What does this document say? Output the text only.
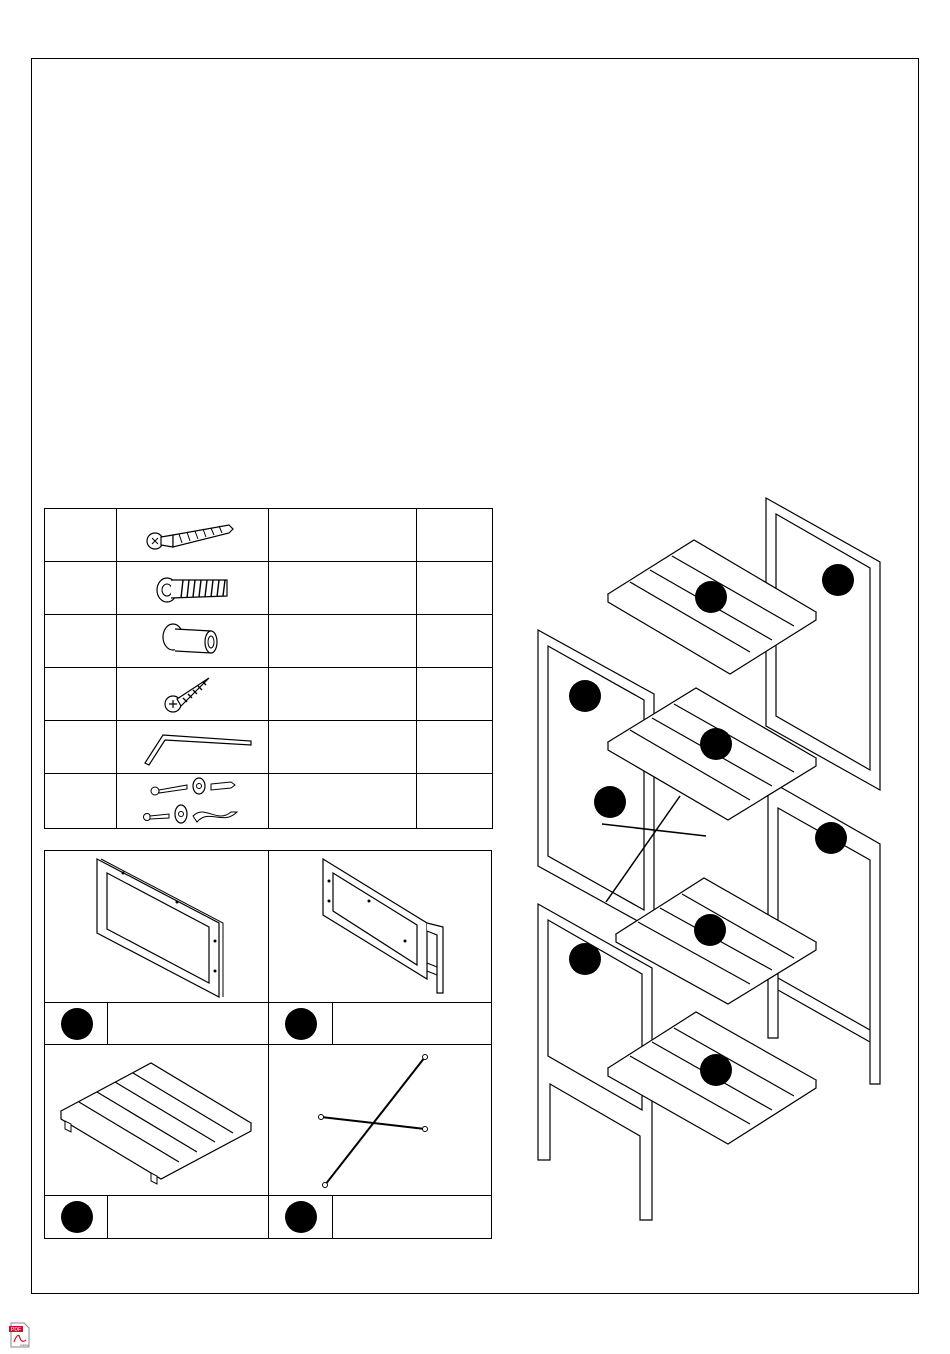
PDF
Adobe
